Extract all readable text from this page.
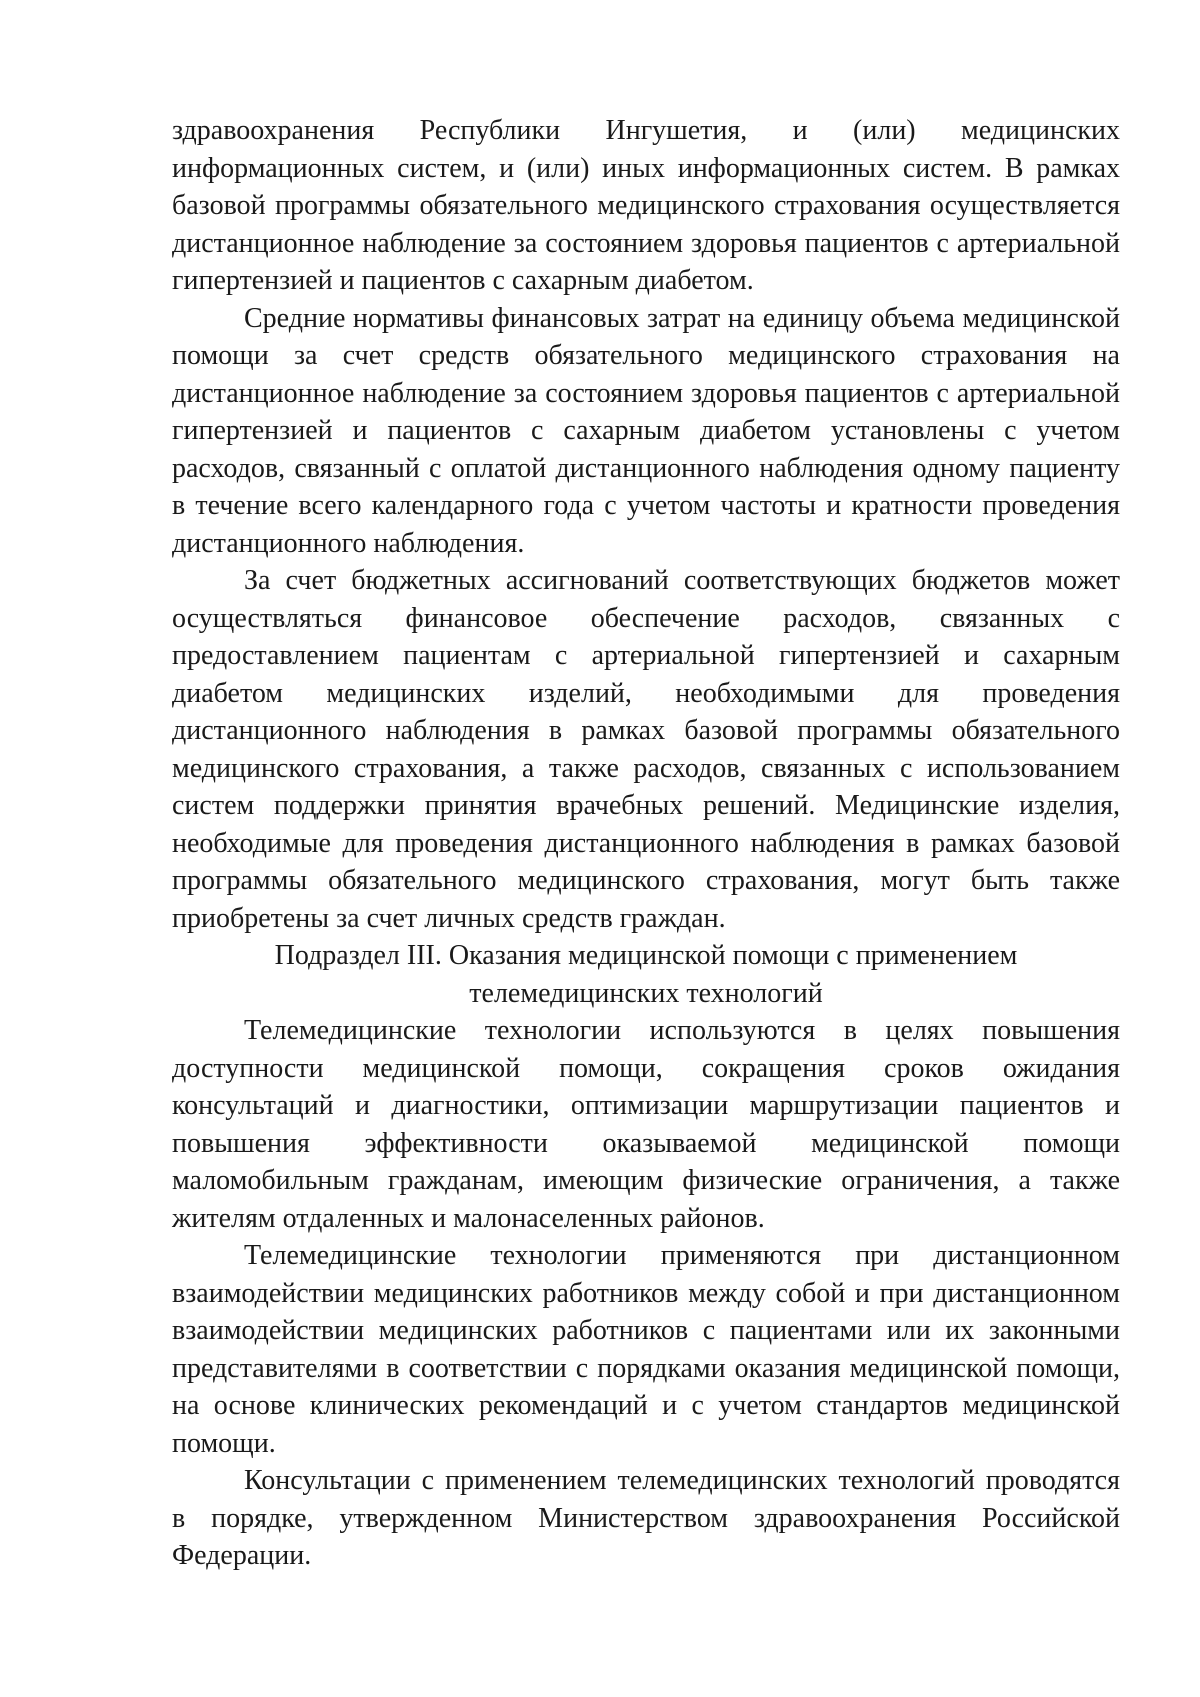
здравоохранения Республики Ингушетия, и (или) медицинских информационных систем, и (или) иных информационных систем. В рамках базовой программы обязательного медицинского страхования осуществляется дистанционное наблюдение за состоянием здоровья пациентов с артериальной гипертензией и пациентов с сахарным диабетом.

Средние нормативы финансовых затрат на единицу объема медицинской помощи за счет средств обязательного медицинского страхования на дистанционное наблюдение за состоянием здоровья пациентов с артериальной гипертензией и пациентов с сахарным диабетом установлены с учетом расходов, связанный с оплатой дистанционного наблюдения одному пациенту в течение всего календарного года с учетом частоты и кратности проведения дистанционного наблюдения.

За счет бюджетных ассигнований соответствующих бюджетов может осуществляться финансовое обеспечение расходов, связанных с предоставлением пациентам с артериальной гипертензией и сахарным диабетом медицинских изделий, необходимыми для проведения дистанционного наблюдения в рамках базовой программы обязательного медицинского страхования, а также расходов, связанных с использованием систем поддержки принятия врачебных решений. Медицинские изделия, необходимые для проведения дистанционного наблюдения в рамках базовой программы обязательного медицинского страхования, могут быть также приобретены за счет личных средств граждан.

Подраздел III. Оказания медицинской помощи с применением телемедицинских технологий

Телемедицинские технологии используются в целях повышения доступности медицинской помощи, сокращения сроков ожидания консультаций и диагностики, оптимизации маршрутизации пациентов и повышения эффективности оказываемой медицинской помощи маломобильным гражданам, имеющим физические ограничения, а также жителям отдаленных и малонаселенных районов.

Телемедицинские технологии применяются при дистанционном взаимодействии медицинских работников между собой и при дистанционном взаимодействии медицинских работников с пациентами или их законными представителями в соответствии с порядками оказания медицинской помощи, на основе клинических рекомендаций и с учетом стандартов медицинской помощи.

Консультации с применением телемедицинских технологий проводятся в порядке, утвержденном Министерством здравоохранения Российской Федерации.
